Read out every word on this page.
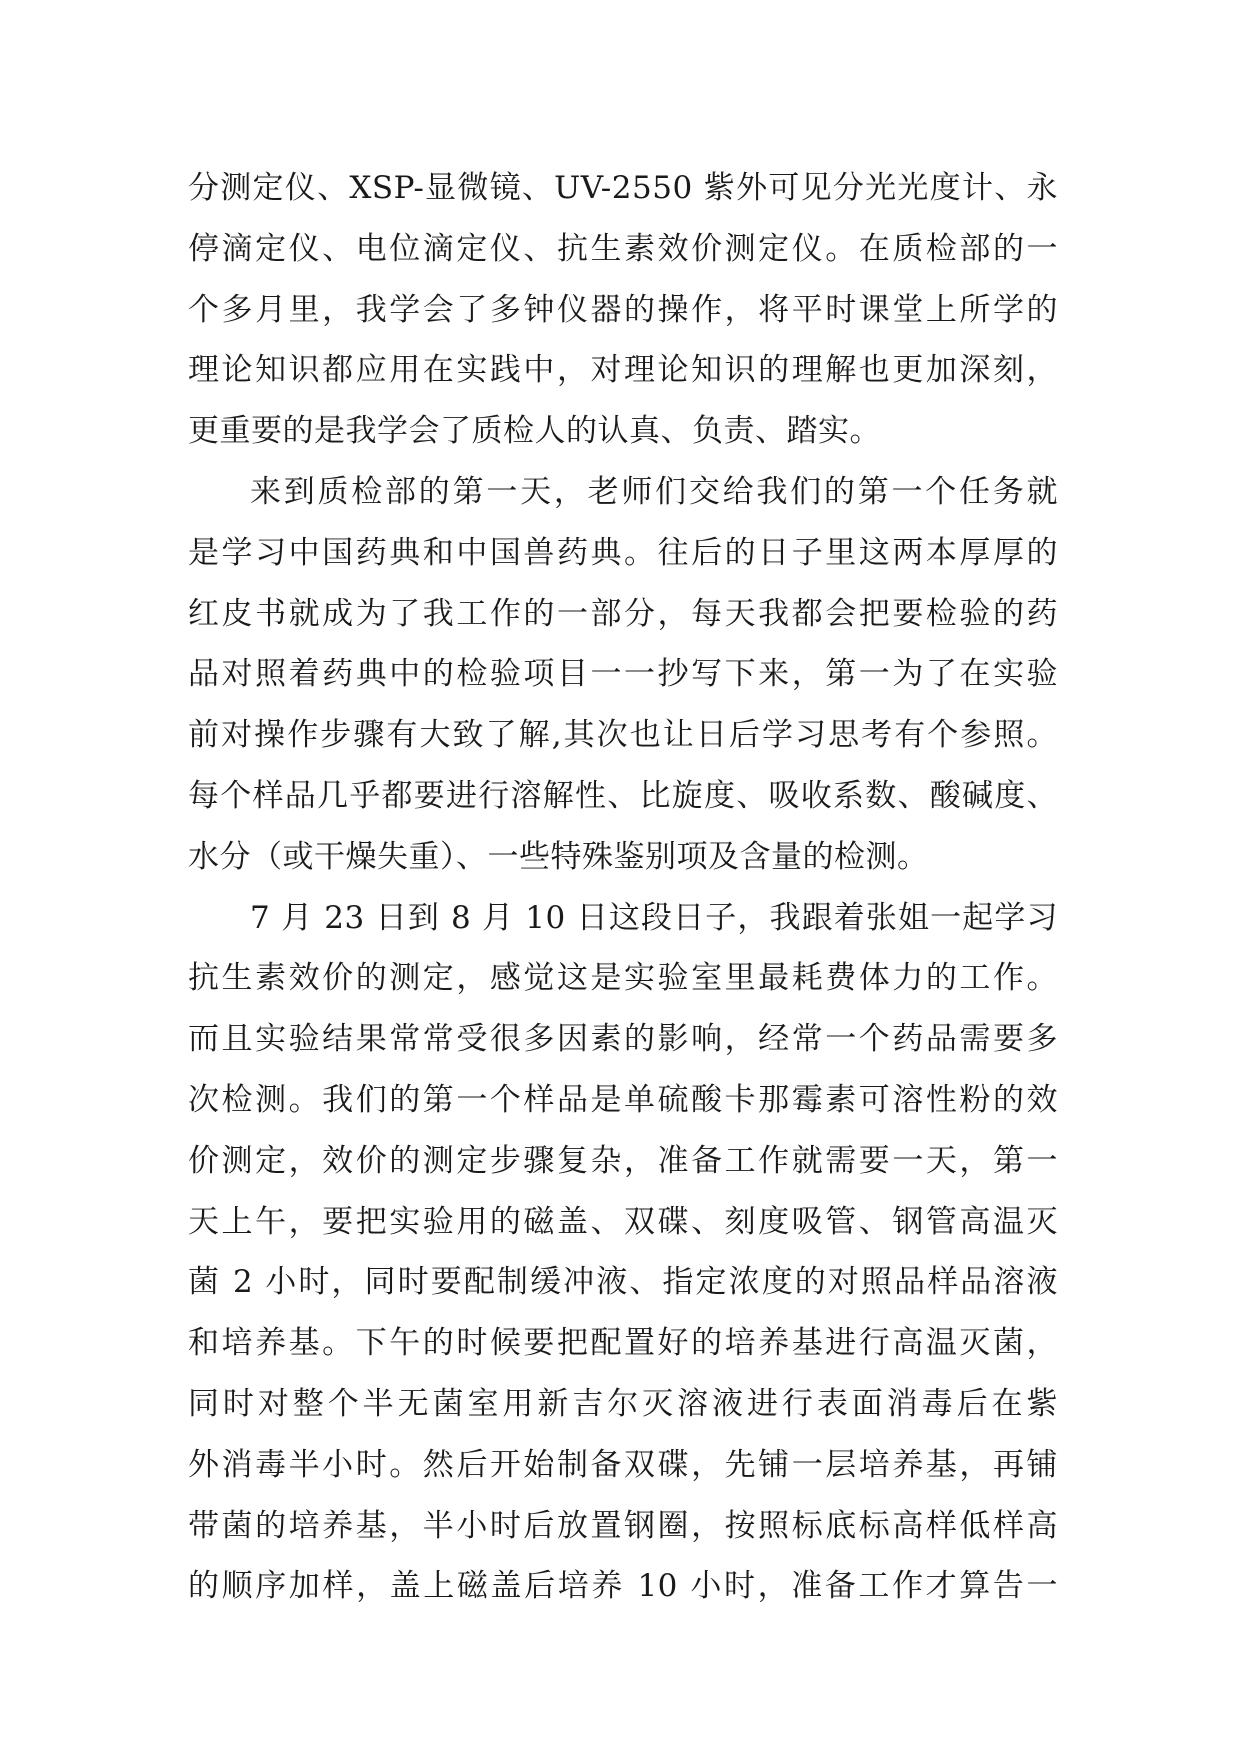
分测定仪、XSP-显微镜、UV-2550 紫外可见分光光度计、永
停滴定仪、电位滴定仪、抗生素效价测定仪。在质检部的一
个多月里，我学会了多钟仪器的操作，将平时课堂上所学的
理论知识都应用在实践中，对理论知识的理解也更加深刻，
更重要的是我学会了质检人的认真、负责、踏实。
来到质检部的第一天，老师们交给我们的第一个任务就
是学习中国药典和中国兽药典。往后的日子里这两本厚厚的
红皮书就成为了我工作的一部分，每天我都会把要检验的药
品对照着药典中的检验项目一一抄写下来，第一为了在实验
前对操作步骤有大致了解,其次也让日后学习思考有个参照。
每个样品几乎都要进行溶解性、比旋度、吸收系数、酸碱度、
水分（或干燥失重）、一些特殊鉴别项及含量的检测。
7 月 23 日到 8 月 10 日这段日子，我跟着张姐一起学习
抗生素效价的测定，感觉这是实验室里最耗费体力的工作。
而且实验结果常常受很多因素的影响，经常一个药品需要多
次检测。我们的第一个样品是单硫酸卡那霉素可溶性粉的效
价测定，效价的测定步骤复杂，准备工作就需要一天，第一
天上午，要把实验用的磁盖、双碟、刻度吸管、钢管高温灭
菌 2 小时，同时要配制缓冲液、指定浓度的对照品样品溶液
和培养基。下午的时候要把配置好的培养基进行高温灭菌，
同时对整个半无菌室用新吉尔灭溶液进行表面消毒后在紫
外消毒半小时。然后开始制备双碟，先铺一层培养基，再铺
带菌的培养基，半小时后放置钢圈，按照标底标高样低样高
的顺序加样，盖上磁盖后培养 10 小时，准备工作才算告一
